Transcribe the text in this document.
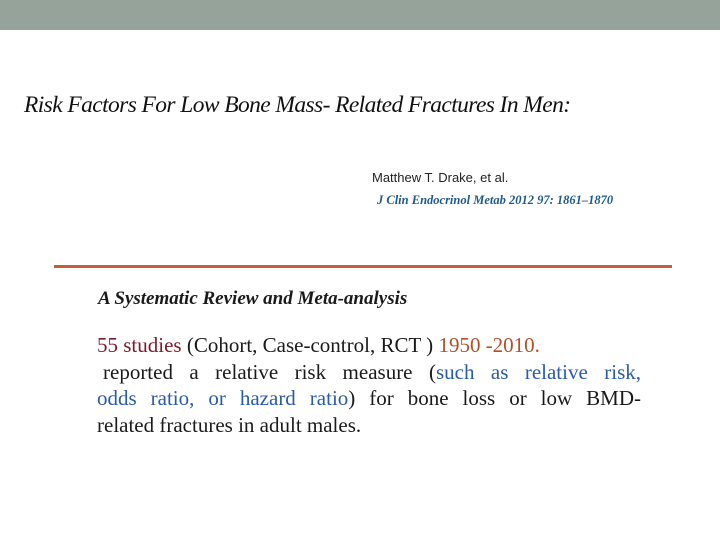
Risk Factors For Low Bone Mass- Related Fractures In Men:
Matthew T. Drake, et al.
J Clin Endocrinol Metab 2012 97: 1861–1870
A Systematic Review and Meta-analysis
55 studies (Cohort, Case-control, RCT ) 1950 -2010.
reported a relative risk measure (such as relative risk,
odds ratio, or hazard ratio) for bone loss or low BMD-
related fractures in adult males.
